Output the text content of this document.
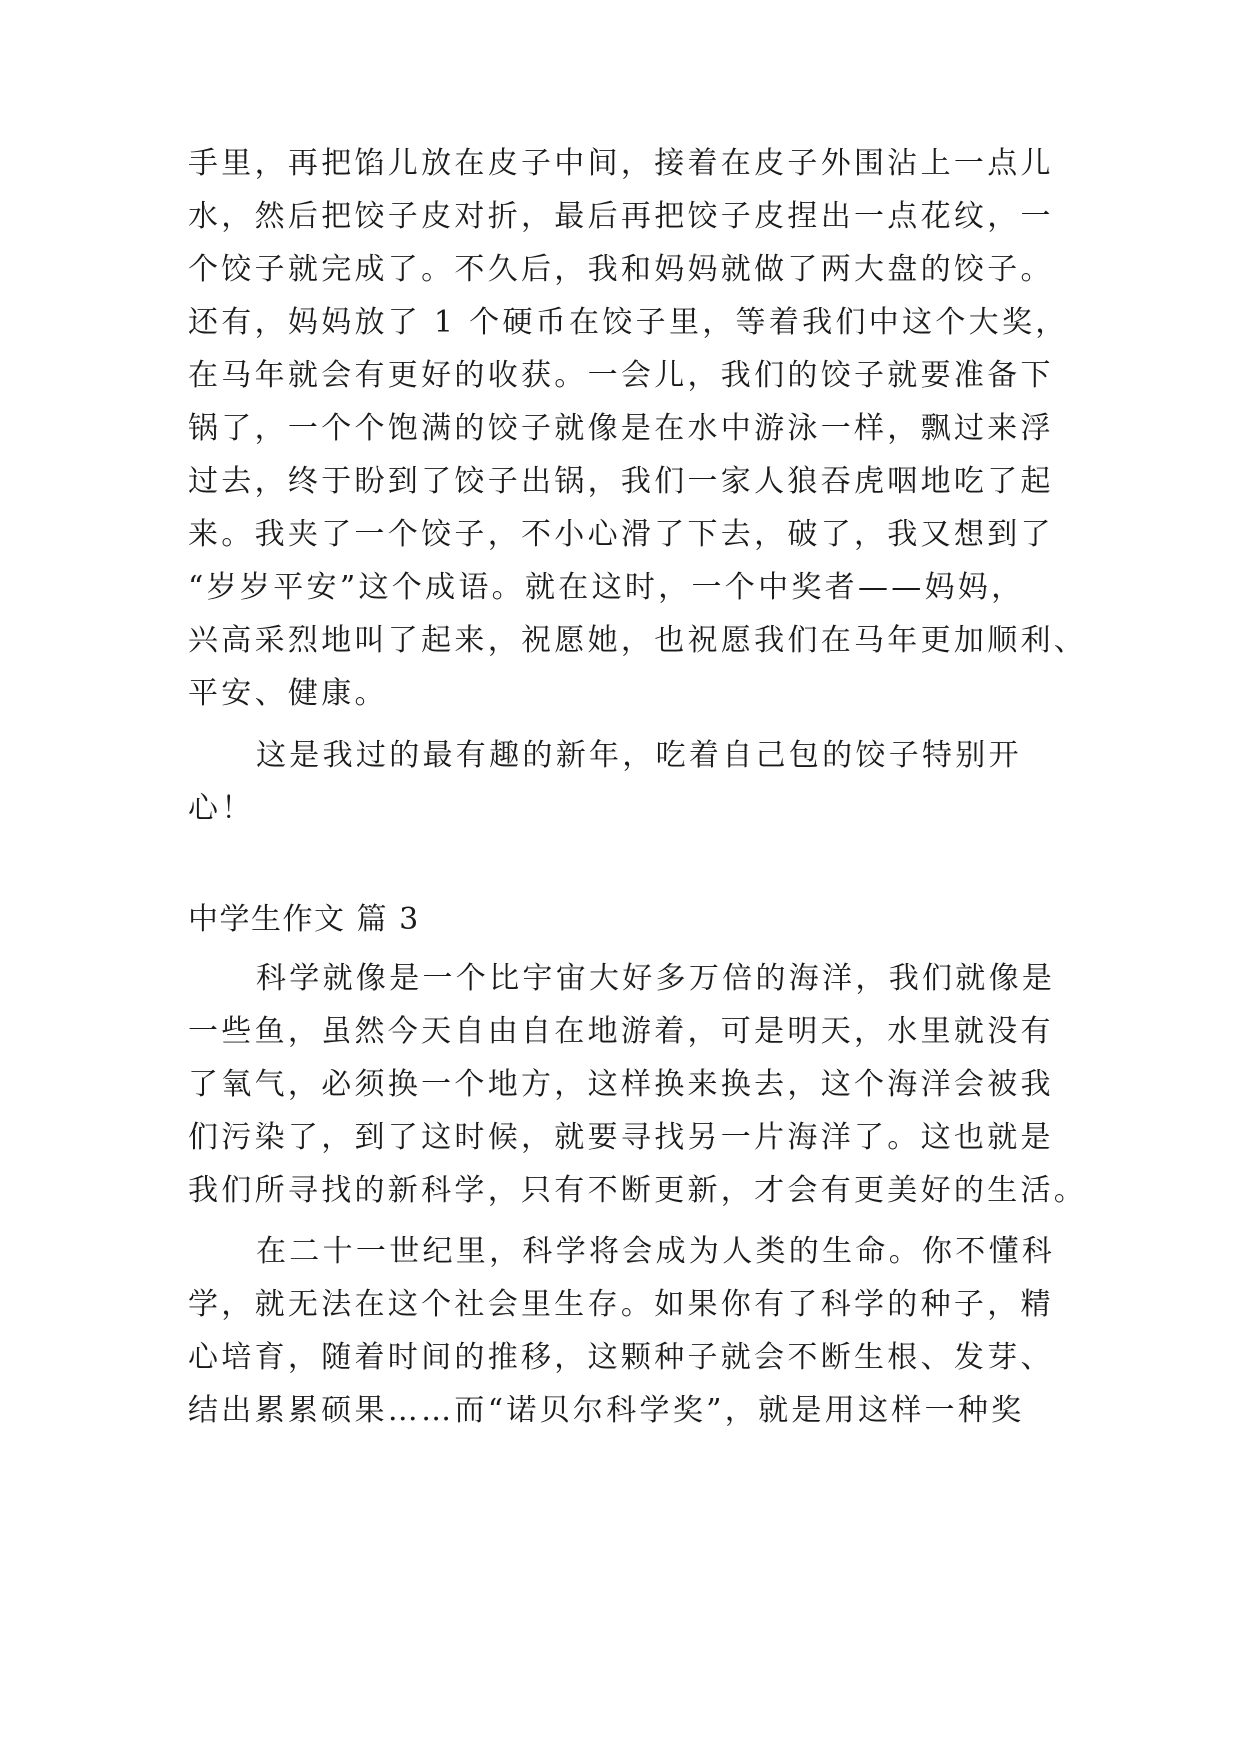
手里，再把馅儿放在皮子中间，接着在皮子外围沾上一点儿
水，然后把饺子皮对折，最后再把饺子皮捏出一点花纹，一
个饺子就完成了。不久后，我和妈妈就做了两大盘的饺子。
还有，妈妈放了 1 个硬币在饺子里，等着我们中这个大奖，
在马年就会有更好的收获。一会儿，我们的饺子就要准备下
锅了，一个个饱满的饺子就像是在水中游泳一样，飘过来浮
过去，终于盼到了饺子出锅，我们一家人狼吞虎咽地吃了起
来。我夹了一个饺子，不小心滑了下去，破了，我又想到了
“岁岁平安”这个成语。就在这时，一个中奖者——妈妈，
兴高采烈地叫了起来，祝愿她，也祝愿我们在马年更加顺利、
平安、健康。
这是我过的最有趣的新年，吃着自己包的饺子特别开
心！
中学生作文 篇 3
科学就像是一个比宇宙大好多万倍的海洋，我们就像是
一些鱼，虽然今天自由自在地游着，可是明天，水里就没有
了氧气，必须换一个地方，这样换来换去，这个海洋会被我
们污染了，到了这时候，就要寻找另一片海洋了。这也就是
我们所寻找的新科学，只有不断更新，才会有更美好的生活。
在二十一世纪里，科学将会成为人类的生命。你不懂科
学，就无法在这个社会里生存。如果你有了科学的种子，精
心培育，随着时间的推移，这颗种子就会不断生根、发芽、
结出累累硕果……而“诺贝尔科学奖”，就是用这样一种奖
